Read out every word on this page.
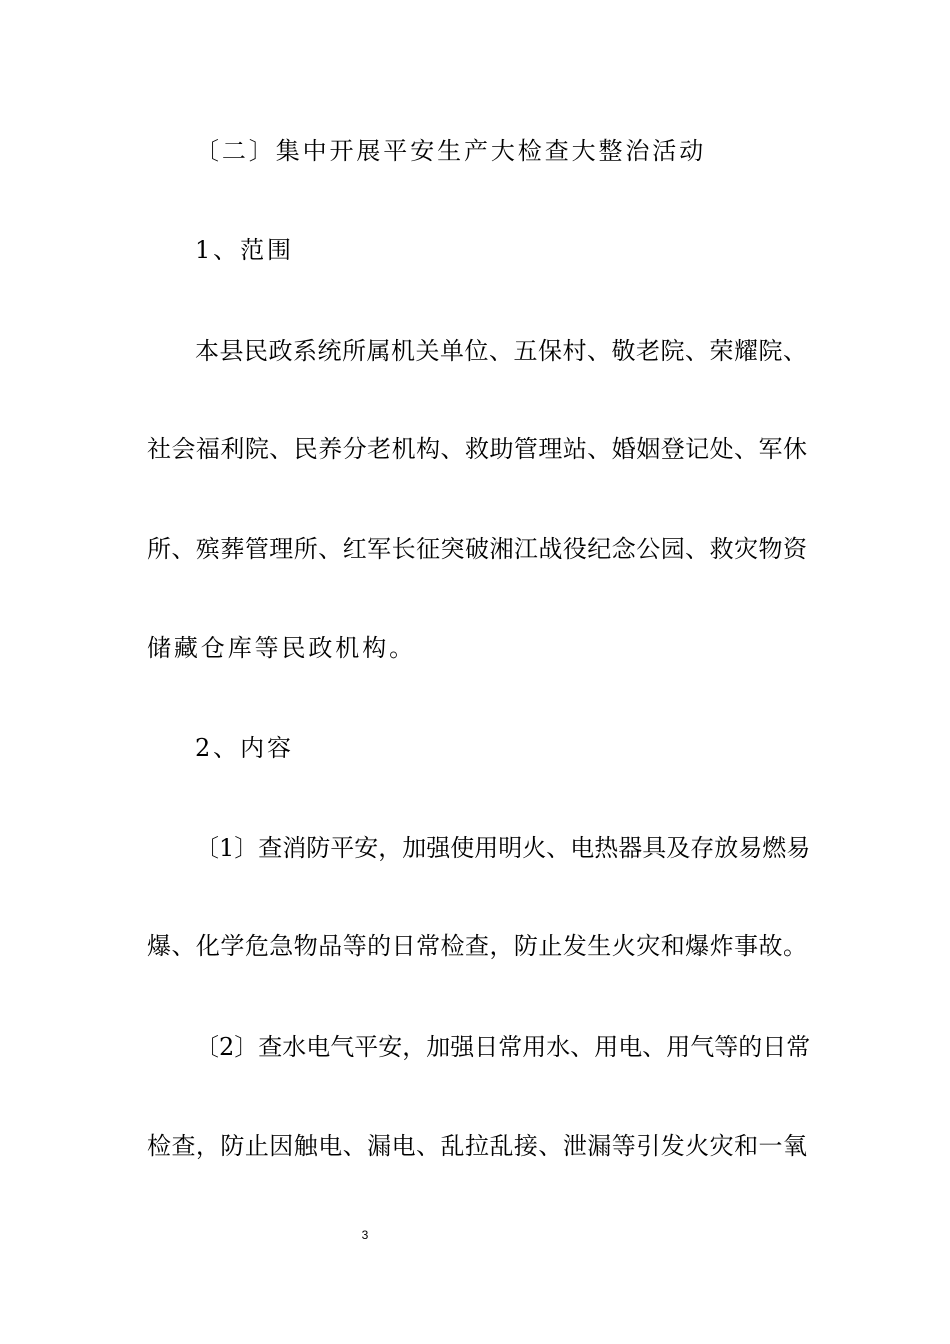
〔二〕集中开展平安生产大检查大整治活动
1、范围
本县民政系统所属机关单位、五保村、敬老院、荣耀院、
社会福利院、民养分老机构、救助管理站、婚姻登记处、军休
所、殡葬管理所、红军长征突破湘江战役纪念公园、救灾物资
储藏仓库等民政机构。
2、内容
〔1〕查消防平安，加强使用明火、电热器具及存放易燃易
爆、化学危急物品等的日常检查，防止发生火灾和爆炸事故。
〔2〕查水电气平安，加强日常用水、用电、用气等的日常
检查，防止因触电、漏电、乱拉乱接、泄漏等引发火灾和一氧
3
